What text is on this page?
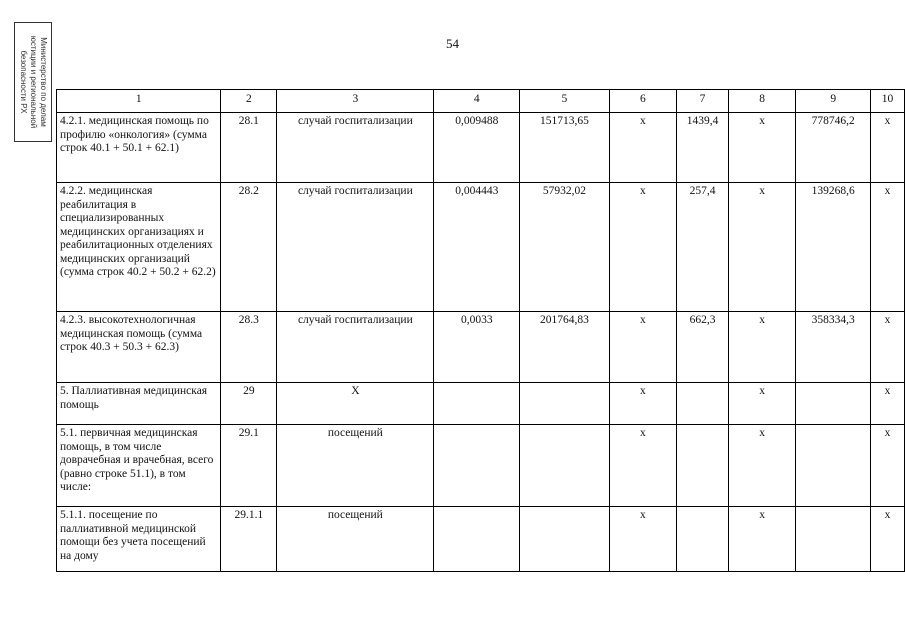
54
Министерство по делам юстиции и региональной безопасности РХ	1	2	3	4	5	6	7	8	9	10
4.2.1. медицинская помощь по профилю «онкология» (сумма строк 40.1 + 50.1 + 62.1)	28.1	случай госпитализации	0,009488	151713,65	x	1439,4	x	778746,2	x
4.2.2. медицинская реабилитация в специализированных медицинских организациях и реабилитационных отделениях медицинских организаций (сумма строк 40.2 + 50.2 + 62.2)	28.2	случай госпитализации	0,004443	57932,02	x	257,4	x	139268,6	x
4.2.3. высокотехнологичная медицинская помощь (сумма строк 40.3 + 50.3 + 62.3)	28.3	случай госпитализации	0,0033	201764,83	x	662,3	x	358334,3	x
5. Паллиативная медицинская помощь	29	X			x		x		x
5.1. первичная медицинская помощь, в том числе доврачебная и врачебная, всего (равно строке 51.1), в том числе:	29.1	посещений			x		x		x
5.1.1. посещение по паллиативной медицинской помощи без учета посещений на дому	29.1.1	посещений			x		x		x
